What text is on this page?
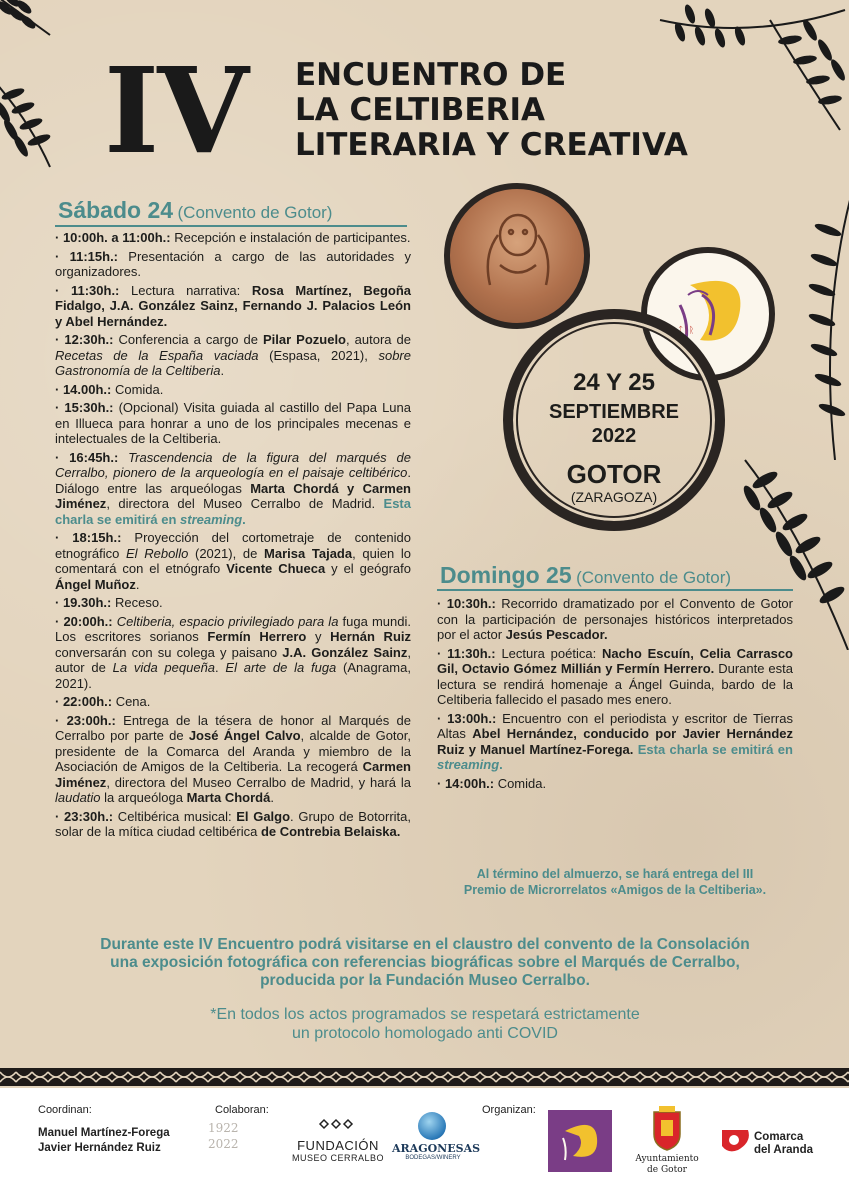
IV ENCUENTRO DE
LA CELTIBERIA
LITERARIA Y CREATIVA
Sábado 24 (Convento de Gotor)
· 10:00h. a 11:00h.: Recepción e instalación de participantes.
· 11:15h.: Presentación a cargo de las autoridades y organizadores.
· 11:30h.: Lectura narrativa: Rosa Martínez, Begoña Fidalgo, J.A. González Sainz, Fernando J. Palacios León y Abel Hernández.
· 12:30h.: Conferencia a cargo de Pilar Pozuelo, autora de Recetas de la España vaciada (Espasa, 2021), sobre Gastronomía de la Celtiberia.
· 14.00h.: Comida.
· 15:30h.: (Opcional) Visita guiada al castillo del Papa Luna en Illueca para honrar a uno de los principales mecenas e intelectuales de la Celtiberia.
· 16:45h.: Trascendencia de la figura del marqués de Cerralbo, pionero de la arqueología en el paisaje celtibérico. Diálogo entre las arqueólogas Marta Chordá y Carmen Jiménez, directora del Museo Cerralbo de Madrid. Esta charla se emitirá en streaming.
· 18:15h.: Proyección del cortometraje de contenido etnográfico El Rebollo (2021), de Marisa Tajada, quien lo comentará con el etnógrafo Vicente Chueca y el geógrafo Ángel Muñoz.
· 19.30h.: Receso.
· 20:00h.: Celtiberia, espacio privilegiado para la fuga mundi. Los escritores sorianos Fermín Herrero y Hernán Ruiz conversarán con su colega y paisano J.A. González Sainz, autor de La vida pequeña. El arte de la fuga (Anagrama, 2021).
· 22:00h.: Cena.
· 23:00h.: Entrega de la tésera de honor al Marqués de Cerralbo por parte de José Ángel Calvo, alcalde de Gotor, presidente de la Comarca del Aranda y miembro de la Asociación de Amigos de la Celtiberia. La recogerá Carmen Jiménez, directora del Museo Cerralbo de Madrid, y hará la laudatio la arqueóloga Marta Chordá.
· 23:30h.: Celtibérica musical: El Galgo. Grupo de Botorrita, solar de la mítica ciudad celtibérica de Contrebia Belaiska.
ᛏᛁᚱ
24 Y 25
SEPTIEMBRE
2022
GOTOR
(ZARAGOZA)
Domingo 25 (Convento de Gotor)
· 10:30h.: Recorrido dramatizado por el Convento de Gotor con la participación de personajes históricos interpretados por el actor Jesús Pescador.
· 11:30h.: Lectura poética: Nacho Escuín, Celia Carrasco Gil, Octavio Gómez Millián y Fermín Herrero. Durante esta lectura se rendirá homenaje a Ángel Guinda, bardo de la Celtiberia fallecido el pasado mes enero.
· 13:00h.: Encuentro con el periodista y escritor de Tierras Altas Abel Hernández, conducido por Javier Hernández Ruiz y Manuel Martínez-Forega. Esta charla se emitirá en streaming.
· 14:00h.: Comida.
Al término del almuerzo, se hará entrega del III
Premio de Microrrelatos «Amigos de la Celtiberia».
Durante este IV Encuentro podrá visitarse en el claustro del convento de la Consolación
una exposición fotográfica con referencias biográficas sobre el Marqués de Cerralbo,
producida por la Fundación Museo Cerralbo.
*En todos los actos programados se respetará estrictamente
un protocolo homologado anti COVID
Coordinan:
Manuel Martínez-Forega
Javier Hernández Ruiz
Colaboran:
1922
2022	FUNDACIÓN
MUSEO CERRALBO
ARAGONESAS
BODEGAS/WINERY
Organizan:
Ayuntamiento
de Gotor
Comarca
del Aranda
